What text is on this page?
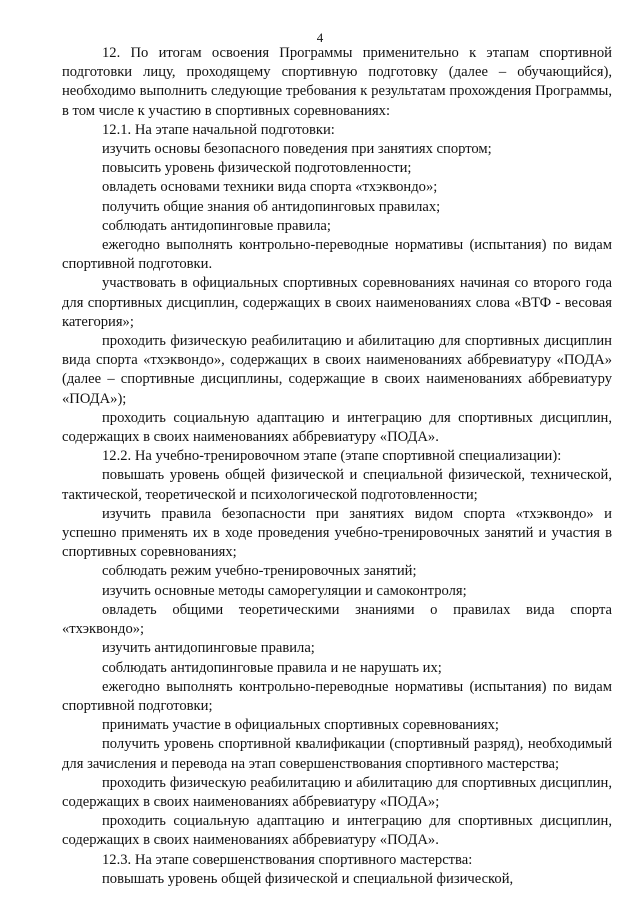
4

12. По итогам освоения Программы применительно к этапам спортивной подготовки лицу, проходящему спортивную подготовку (далее – обучающийся), необходимо выполнить следующие требования к результатам прохождения Программы, в том числе к участию в спортивных соревнованиях:

12.1. На этапе начальной подготовки:

изучить основы безопасного поведения при занятиях спортом;

повысить уровень физической подготовленности;

овладеть основами техники вида спорта «тхэквондо»;

получить общие знания об антидопинговых правилах;

соблюдать антидопинговые правила;

ежегодно выполнять контрольно-переводные нормативы (испытания) по видам спортивной подготовки.

участвовать в официальных спортивных соревнованиях начиная со второго года для спортивных дисциплин, содержащих в своих наименованиях слова «ВТФ - весовая категория»;

проходить физическую реабилитацию и абилитацию для спортивных дисциплин вида спорта «тхэквондо», содержащих в своих наименованиях аббревиатуру «ПОДА» (далее – спортивные дисциплины, содержащие в своих наименованиях аббревиатуру «ПОДА»);

проходить социальную адаптацию и интеграцию для спортивных дисциплин, содержащих в своих наименованиях аббревиатуру «ПОДА».

12.2. На учебно-тренировочном этапе (этапе спортивной специализации):

повышать уровень общей физической и специальной физической, технической, тактической, теоретической и психологической подготовленности;

изучить правила безопасности при занятиях видом спорта «тхэквондо» и успешно применять их в ходе проведения учебно-тренировочных занятий и участия в спортивных соревнованиях;

соблюдать режим учебно-тренировочных занятий;

изучить основные методы саморегуляции и самоконтроля;

овладеть общими теоретическими знаниями о правилах вида спорта «тхэквондо»;

изучить антидопинговые правила;

соблюдать антидопинговые правила и не нарушать их;

ежегодно выполнять контрольно-переводные нормативы (испытания) по видам спортивной подготовки;

принимать участие в официальных спортивных соревнованиях;

получить уровень спортивной квалификации (спортивный разряд), необходимый для зачисления и перевода на этап совершенствования спортивного мастерства;

проходить физическую реабилитацию и абилитацию для спортивных дисциплин, содержащих в своих наименованиях аббревиатуру «ПОДА»;

проходить социальную адаптацию и интеграцию для спортивных дисциплин, содержащих в своих наименованиях аббревиатуру «ПОДА».

12.3. На этапе совершенствования спортивного мастерства:

повышать уровень общей физической и специальной физической,
